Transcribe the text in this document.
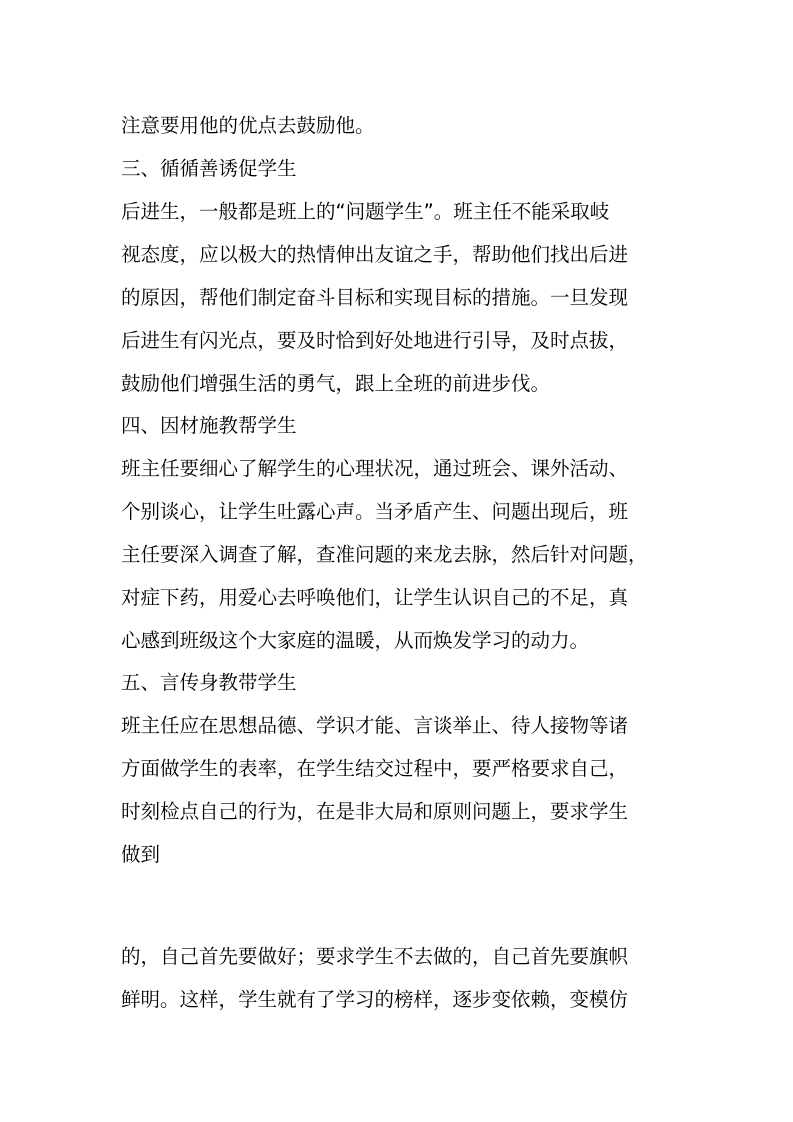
注意要用他的优点去鼓励他。
三、循循善诱促学生
后进生，一般都是班上的“问题学生”。班主任不能采取岐
视态度，应以极大的热情伸出友谊之手，帮助他们找出后进
的原因，帮他们制定奋斗目标和实现目标的措施。一旦发现
后进生有闪光点，要及时恰到好处地进行引导，及时点拔，
鼓励他们增强生活的勇气，跟上全班的前进步伐。
四、因材施教帮学生
班主任要细心了解学生的心理状况，通过班会、课外活动、
个别谈心，让学生吐露心声。当矛盾产生、问题出现后，班
主任要深入调查了解，查准问题的来龙去脉，然后针对问题，
对症下药，用爱心去呼唤他们，让学生认识自己的不足，真
心感到班级这个大家庭的温暖，从而焕发学习的动力。
五、言传身教带学生
班主任应在思想品德、学识才能、言谈举止、待人接物等诸
方面做学生的表率，在学生结交过程中，要严格要求自己，
时刻检点自己的行为，在是非大局和原则问题上，要求学生
做到
的，自己首先要做好；要求学生不去做的，自己首先要旗帜
鲜明。这样，学生就有了学习的榜样，逐步变依赖，变模仿
